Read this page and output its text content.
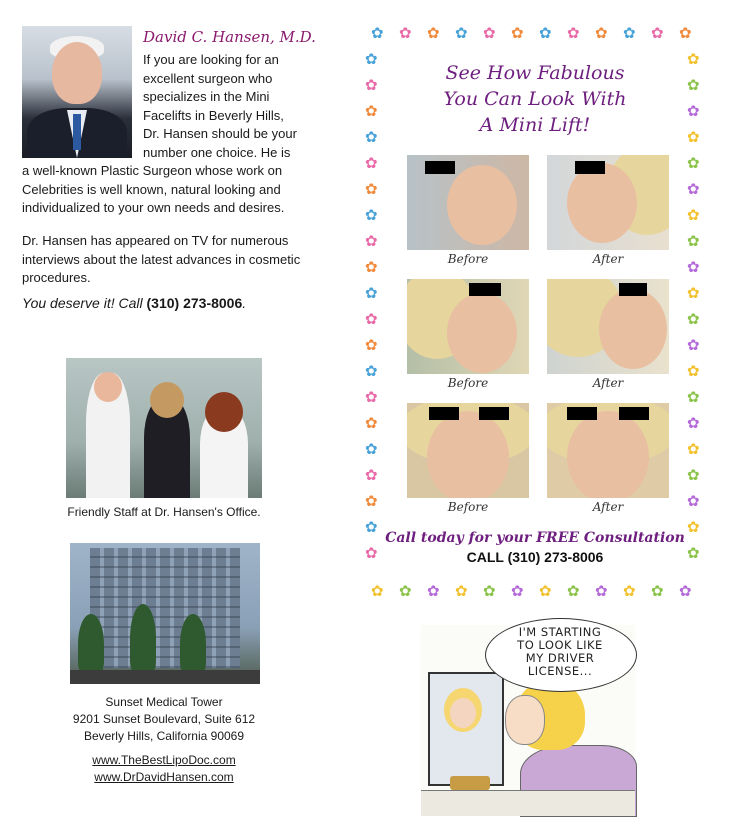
David C. Hansen, M.D.
If you are looking for an
excellent surgeon who
specializes in the Mini
Facelifts in Beverly Hills,
Dr. Hansen should be your
number one choice. He is
a well-known Plastic Surgeon whose work on
Celebrities is well known, natural looking and
individualized to your own needs and desires.
Dr. Hansen has appeared on TV for numerous interviews about the latest advances in cosmetic procedures.
You deserve it! Call (310) 273-8006.
Friendly Staff at Dr. Hansen's Office.
Sunset Medical Tower
9201 Sunset Boulevard, Suite 612
Beverly Hills, California 90069
www.TheBestLipoDoc.com
www.DrDavidHansen.com
✿
✿
✿
✿
✿
✿
✿
✿
✿
✿
✿
✿
✿
✿
✿
✿
✿
✿
✿
✿
✿
✿
✿
✿
✿	✿
✿	✿
✿	✿
✿	✿
✿	✿
✿	✿
✿	✿
✿	✿
✿	✿
✿	✿
✿	✿
✿	✿
✿	✿
✿	✿
✿	✿
✿	✿
✿	✿
✿	✿
✿	✿
✿	✿
See How Fabulous
You Can Look With
A Mini Lift!
Before	After
Before	After
Before	After
Call today for your FREE Consultation
CALL (310) 273-8006
I'M STARTING
TO LOOK LIKE
MY DRIVER
LICENSE...
